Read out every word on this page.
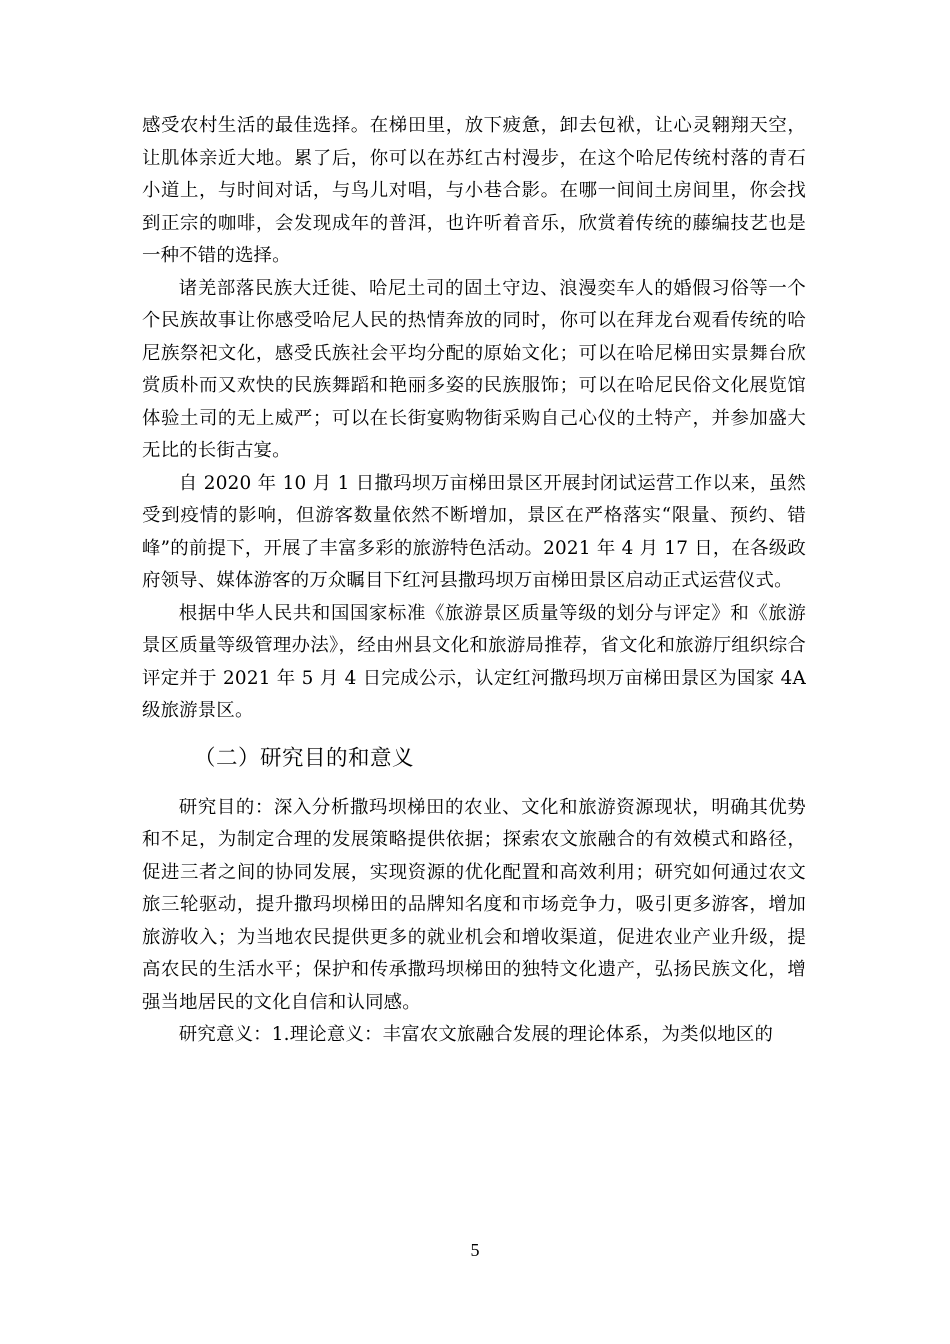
感受农村生活的最佳选择。在梯田里，放下疲惫，卸去包袱，让心灵翱翔天空，让肌体亲近大地。累了后，你可以在苏红古村漫步，在这个哈尼传统村落的青石小道上，与时间对话，与鸟儿对唱，与小巷合影。在哪一间间土房间里，你会找到正宗的咖啡，会发现成年的普洱，也许听着音乐，欣赏着传统的藤编技艺也是一种不错的选择。

诸羌部落民族大迁徙、哈尼土司的固土守边、浪漫奕车人的婚假习俗等一个个民族故事让你感受哈尼人民的热情奔放的同时，你可以在拜龙台观看传统的哈尼族祭祀文化，感受氏族社会平均分配的原始文化；可以在哈尼梯田实景舞台欣赏质朴而又欢快的民族舞蹈和艳丽多姿的民族服饰；可以在哈尼民俗文化展览馆体验土司的无上威严；可以在长街宴购物街采购自己心仪的土特产，并参加盛大无比的长街古宴。

自 2020 年 10 月 1 日撒玛坝万亩梯田景区开展封闭试运营工作以来，虽然受到疫情的影响，但游客数量依然不断增加，景区在严格落实“限量、预约、错峰”的前提下，开展了丰富多彩的旅游特色活动。2021 年 4 月 17 日，在各级政府领导、媒体游客的万众瞩目下红河县撒玛坝万亩梯田景区启动正式运营仪式。

根据中华人民共和国国家标准《旅游景区质量等级的划分与评定》和《旅游景区质量等级管理办法》，经由州县文化和旅游局推荐，省文化和旅游厅组织综合评定并于 2021 年 5 月 4 日完成公示，认定红河撒玛坝万亩梯田景区为国家 4A 级旅游景区。

（二）研究目的和意义

研究目的：深入分析撒玛坝梯田的农业、文化和旅游资源现状，明确其优势和不足，为制定合理的发展策略提供依据；探索农文旅融合的有效模式和路径，促进三者之间的协同发展，实现资源的优化配置和高效利用；研究如何通过农文旅三轮驱动，提升撒玛坝梯田的品牌知名度和市场竞争力，吸引更多游客，增加旅游收入；为当地农民提供更多的就业机会和增收渠道，促进农业产业升级，提高农民的生活水平；保护和传承撒玛坝梯田的独特文化遗产，弘扬民族文化，增强当地居民的文化自信和认同感。

研究意义：1.理论意义：丰富农文旅融合发展的理论体系，为类似地区的

5
